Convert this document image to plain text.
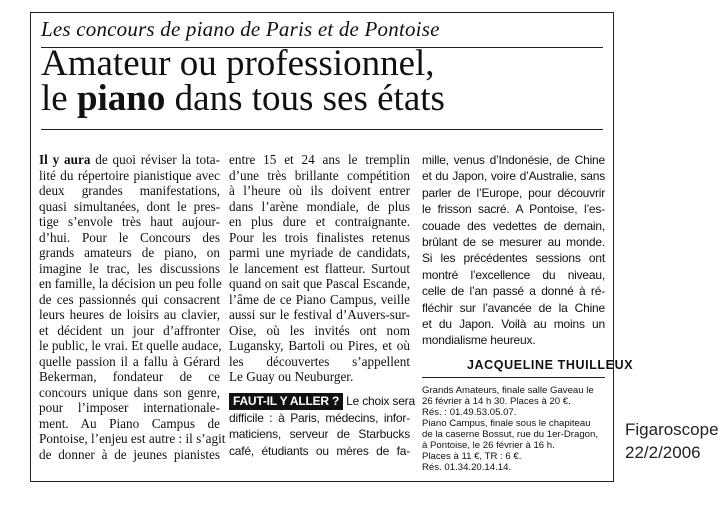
Les concours de piano de Paris et de Pontoise
Amateur ou professionnel,
le piano dans tous ses états
Il y aura de quoi réviser la tota-
lité du répertoire pianistique avec
deux grandes manifestations,
quasi simultanées, dont le pres-
tige s’envole très haut aujour-
d’hui. Pour le Concours des
grands amateurs de piano, on
imagine le trac, les discussions
en famille, la décision un peu folle
de ces passionnés qui consacrent
leurs heures de loisirs au clavier,
et décident un jour d’affronter
le public, le vrai. Et quelle audace,
quelle passion il a fallu à Gérard
Bekerman, fondateur de ce
concours unique dans son genre,
pour l’imposer internationale-
ment. Au Piano Campus de
Pontoise, l’enjeu est autre : il s’agit
de donner à de jeunes pianistes
entre 15 et 24 ans le tremplin
d’une très brillante compétition
à l’heure où ils doivent entrer
dans l’arène mondiale, de plus
en plus dure et contraignante.
Pour les trois finalistes retenus
parmi une myriade de candidats,
le lancement est flatteur. Surtout
quand on sait que Pascal Escande,
l’âme de ce Piano Campus, veille
aussi sur le festival d’Auvers-sur-
Oise, où les invités ont nom
Lugansky, Bartoli ou Pires, et où
les découvertes s’appellent
Le Guay ou Neuburger.
FAUT-IL Y ALLER ? Le choix sera
difficile : à Paris, médecins, infor-
maticiens, serveur de Starbucks
café, étudiants ou mères de fa-
mille, venus d’Indonésie, de Chine
et du Japon, voire d’Australie, sans
parler de l’Europe, pour découvrir
le frisson sacré. A Pontoise, l’es-
couade des vedettes de demain,
brûlant de se mesurer au monde.
Si les précédentes sessions ont
montré l’excellence du niveau,
celle de l’an passé a donné à ré-
fléchir sur l’avancée de la Chine
et du Japon. Voilà au moins un
mondialisme heureux.
JACQUELINE THUILLEUX
Grands Amateurs, finale salle Gaveau le
26 février à 14 h 30. Places à 20 €.
Rés. : 01.49.53.05.07.
Piano Campus, finale sous le chapiteau
de la caserne Bossut, rue du 1er-Dragon,
à Pontoise, le 26 février à 16 h.
Places à 11 €, TR : 6 €.
Rés. 01.34.20.14.14.
Figaroscope
22/2/2006
